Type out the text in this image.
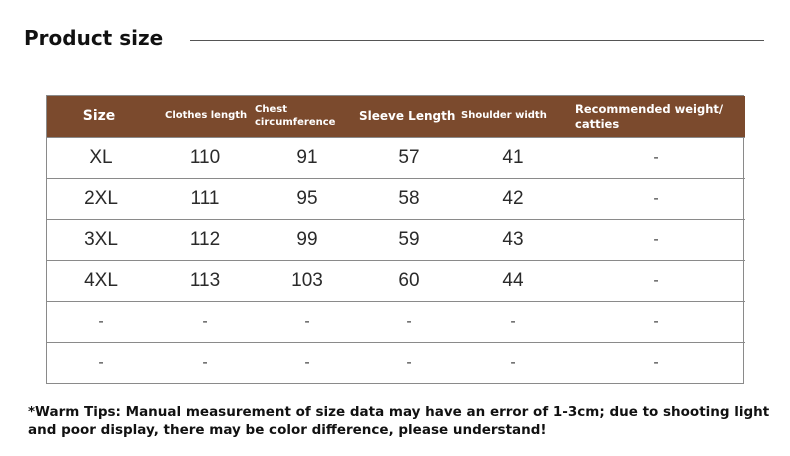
Product size
Size	Clothes length	Chest circumference	Sleeve Length	Shoulder width	Recommended weight/ catties

XL	110	91	57	41	-
2XL	111	95	58	42	-
3XL	112	99	59	43	-
4XL	113	103	60	44	-
-	-	-	-	-	-
-	-	-	-	-	-
*Warm Tips: Manual measurement of size data may have an error of 1-3cm; due to shooting light and poor display, there may be color difference, please understand!
